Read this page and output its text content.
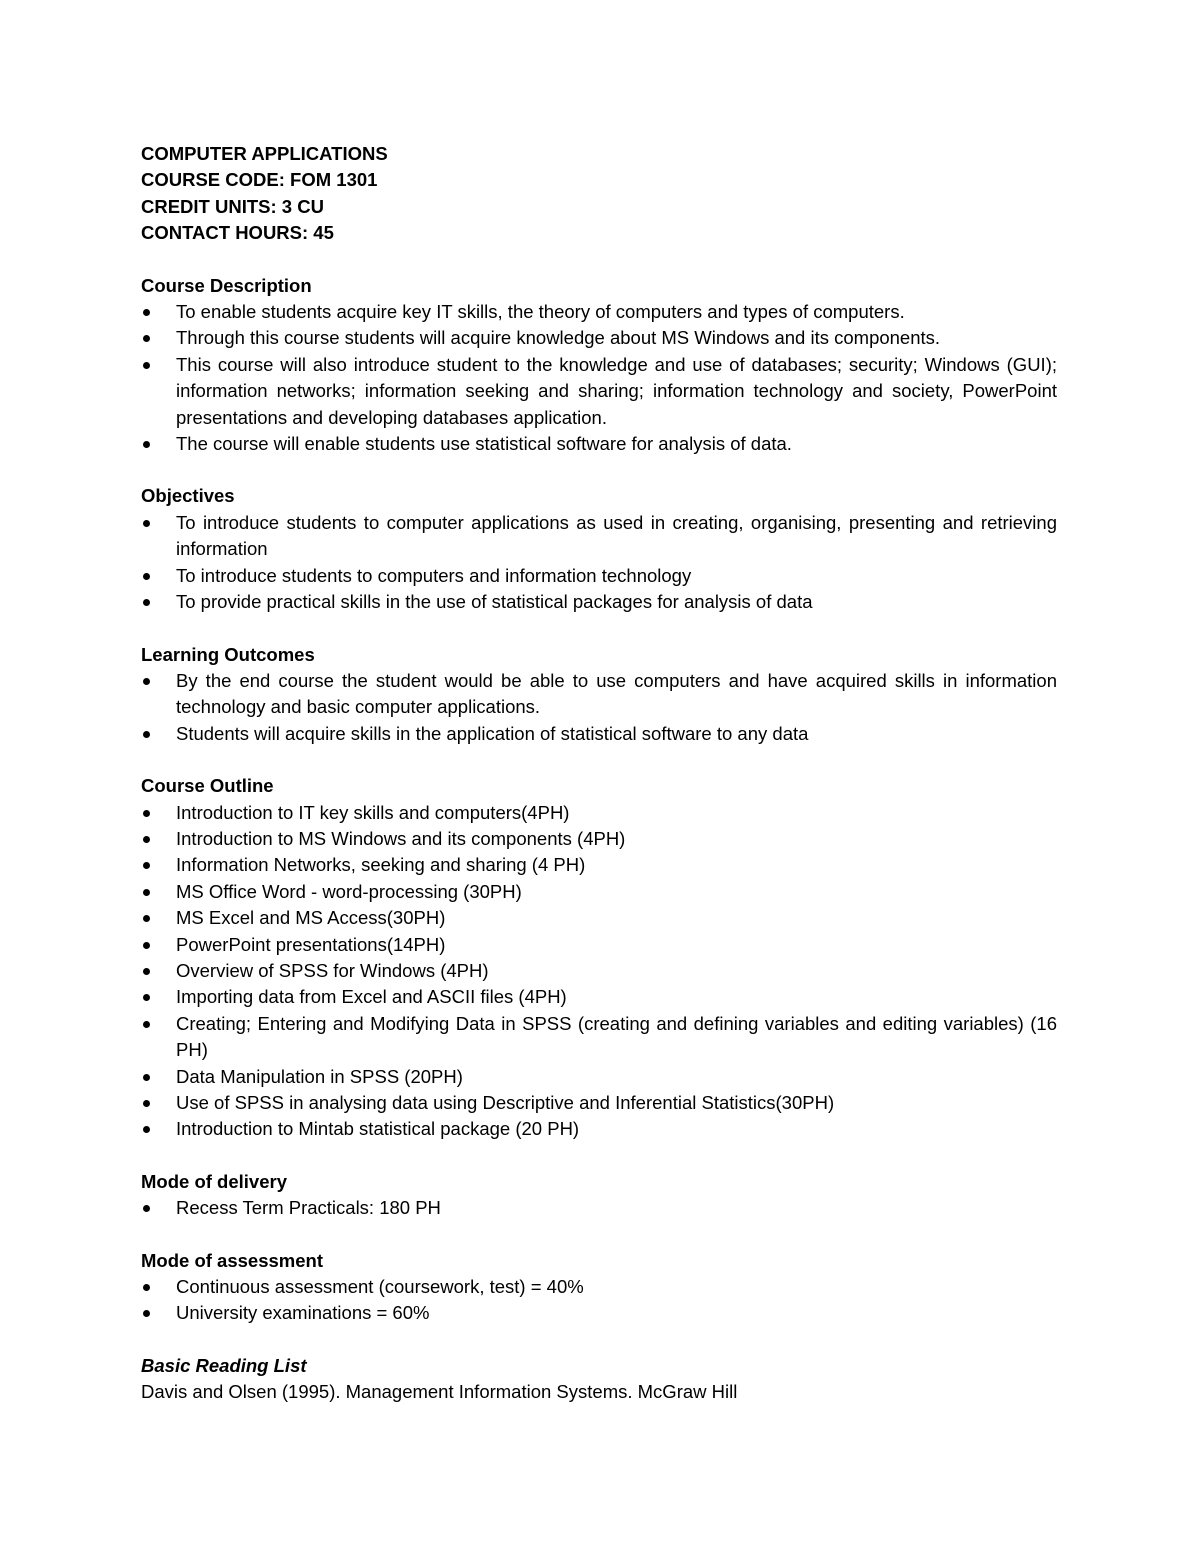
COMPUTER APPLICATIONS

COURSE CODE: FOM 1301

CREDIT UNITS: 3 CU

CONTACT HOURS: 45

Course Description

To enable students acquire key IT skills, the theory of computers and types of computers.
Through this course students will acquire knowledge about MS Windows and its components.
This course will also introduce student to the knowledge and use of databases; security; Windows (GUI); information networks; information seeking and sharing; information technology and society, PowerPoint presentations and developing databases application.
The course will enable students use statistical software for analysis of data.

Objectives

To introduce students to computer applications as used in creating, organising, presenting and retrieving information
To introduce students to computers and information technology
To provide practical skills in the use of statistical packages for analysis of data

Learning Outcomes

By the end course the student would be able to use computers and have acquired skills in information technology and basic computer applications.
Students will acquire skills in the application of statistical software to any data

Course Outline

Introduction to IT key skills and computers(4PH)
Introduction to MS Windows and its components (4PH)
Information Networks, seeking and sharing (4 PH)
MS Office Word - word-processing (30PH)
MS Excel and MS Access(30PH)
PowerPoint presentations(14PH)
Overview of SPSS for Windows (4PH)
Importing data from Excel and ASCII files (4PH)
Creating; Entering and Modifying Data in SPSS (creating and defining variables and editing variables) (16 PH)
Data Manipulation in SPSS (20PH)
Use of SPSS in analysing data using Descriptive and Inferential Statistics(30PH)
Introduction to Mintab statistical package (20 PH)

Mode of delivery

Recess Term Practicals: 180 PH

Mode of assessment

Continuous assessment (coursework, test) = 40%
University examinations = 60%

Basic Reading List

Davis and Olsen (1995). Management Information Systems. McGraw Hill
